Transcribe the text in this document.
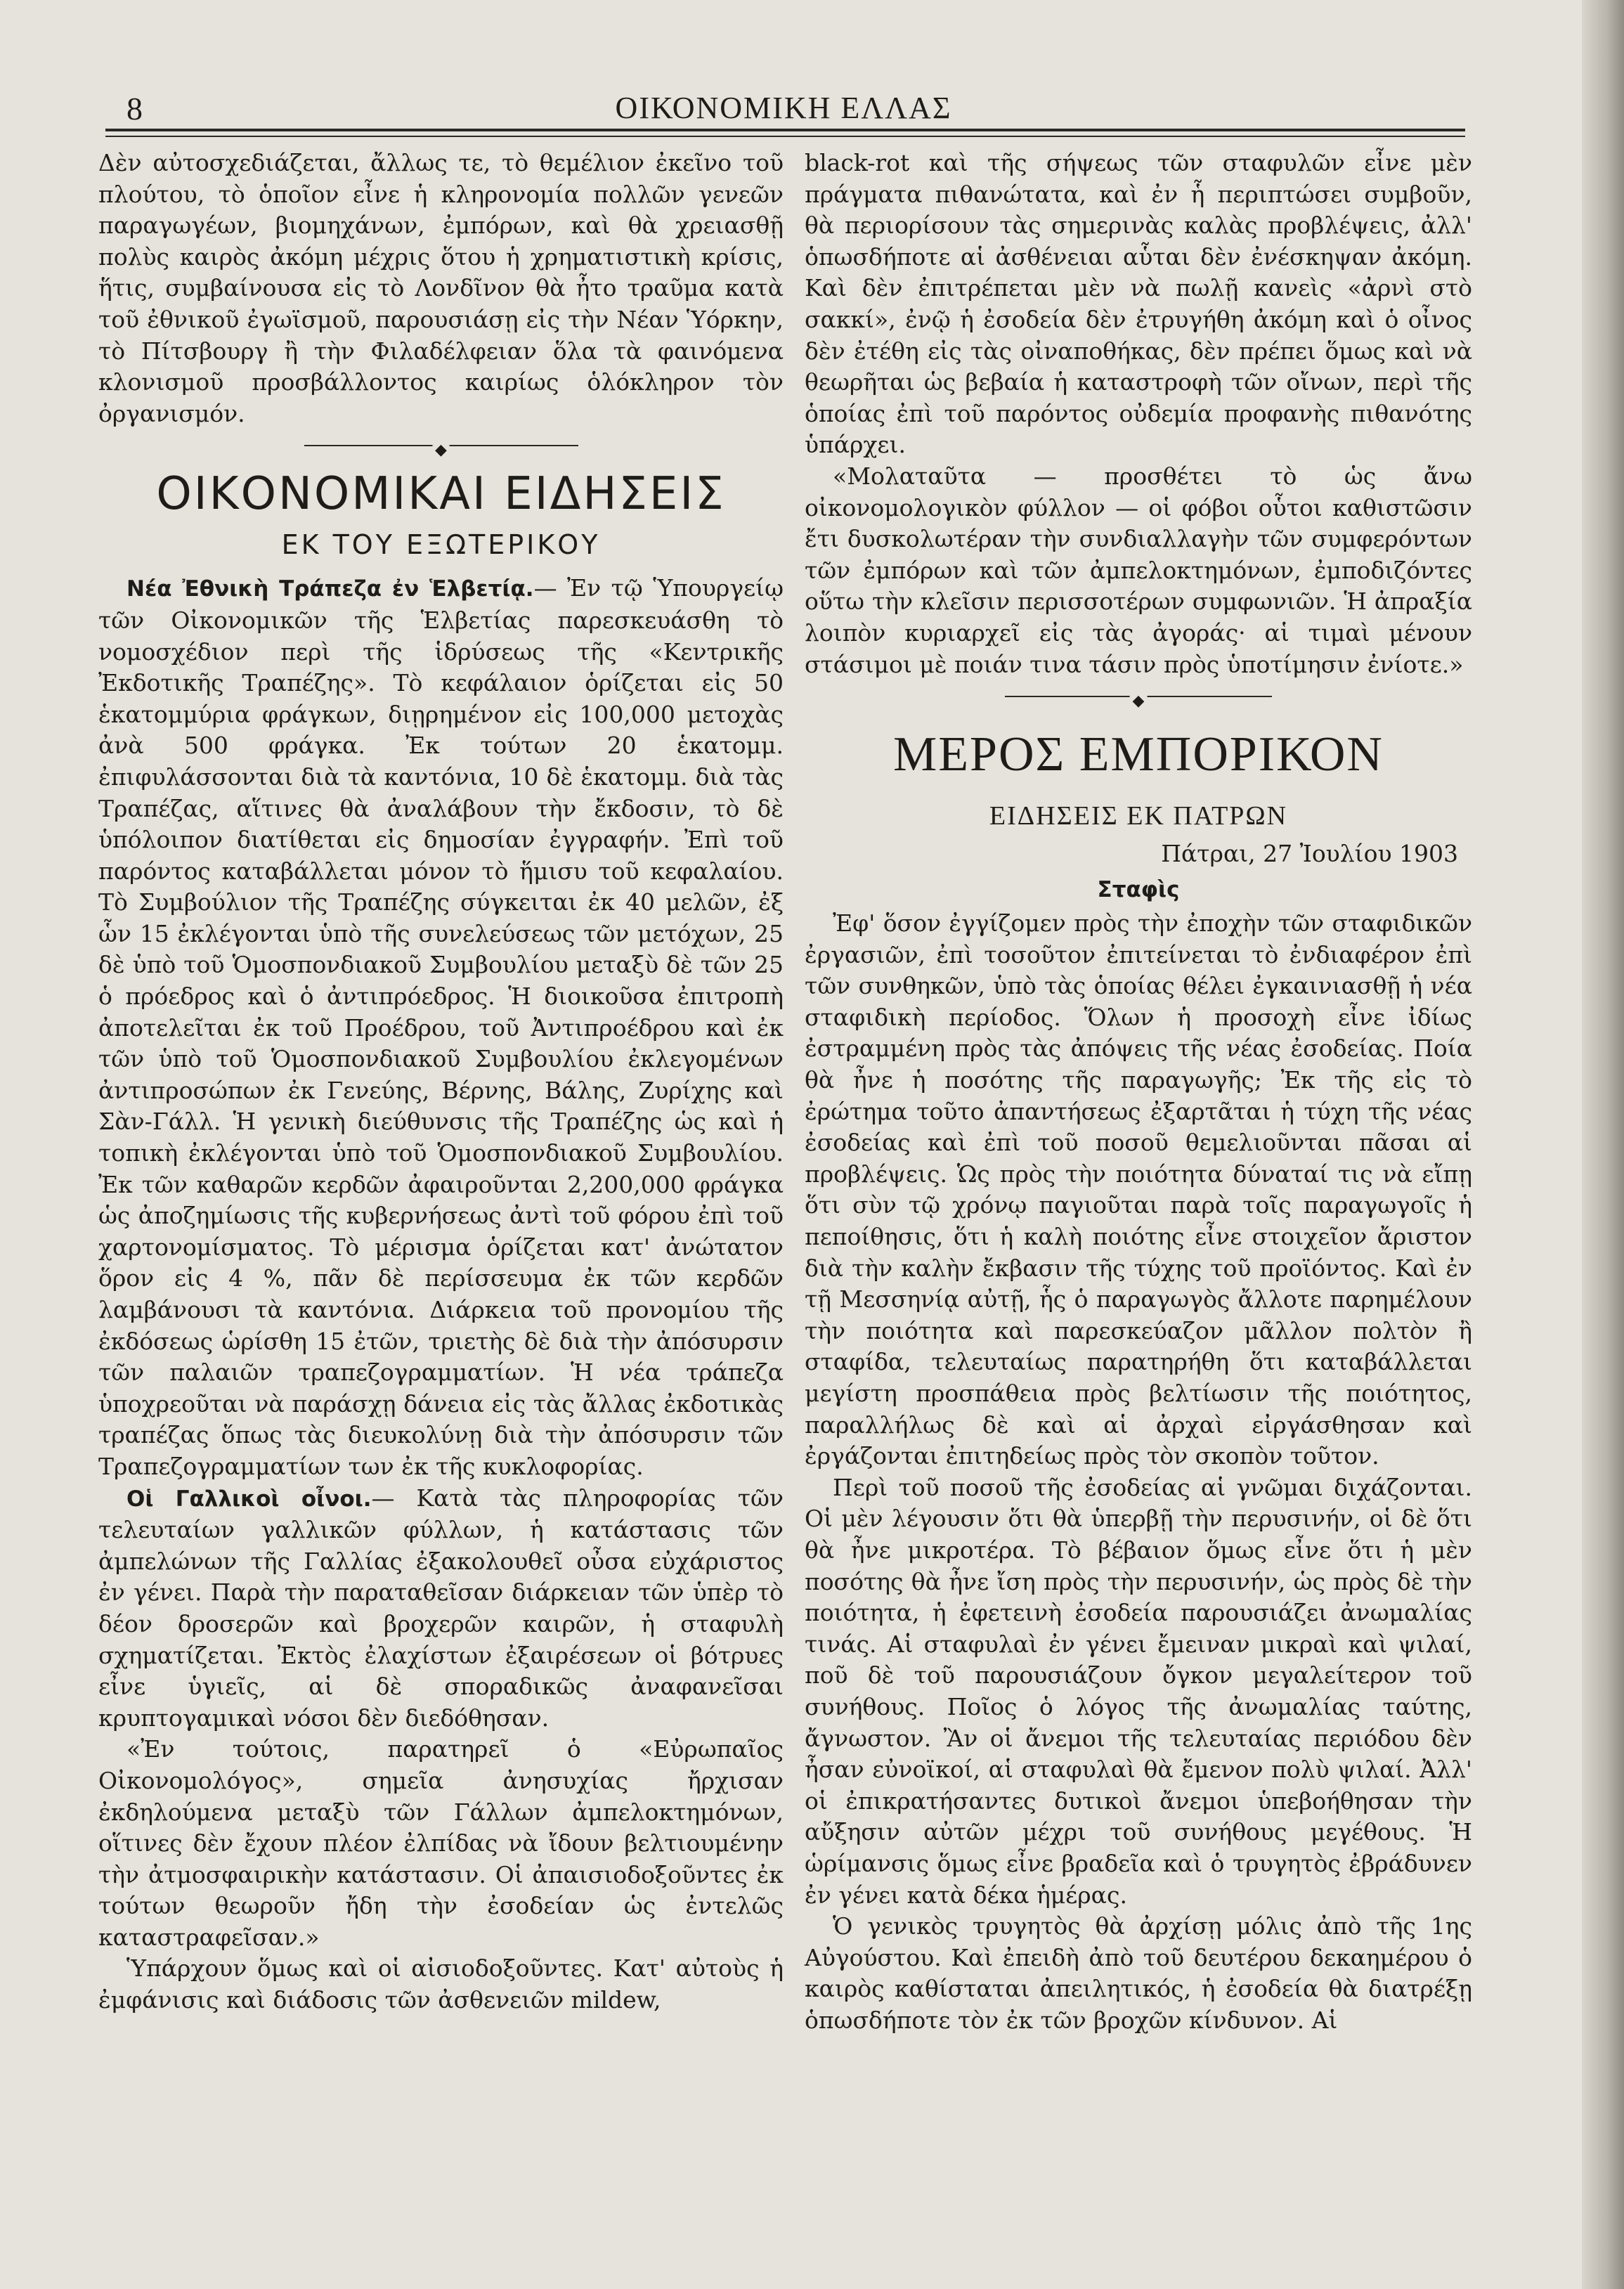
8	ΟΙΚΟΝΟΜΙΚΗ ΕΛΛΑΣ

Δὲν αὐτοσχεδιάζεται, ἄλλως τε, τὸ θεμέλιον ἐκεῖνο τοῦ πλούτου, τὸ ὁποῖον εἶνε ἡ κληρονομία πολλῶν γενεῶν παραγωγέων, βιομηχάνων, ἐμπόρων, καὶ θὰ χρειασθῇ πολὺς καιρὸς ἀκόμη μέχρις ὅτου ἡ χρηματιστικὴ κρίσις, ἥτις, συμβαίνουσα εἰς τὸ Λονδῖνον θὰ ἦτο τραῦμα κατὰ τοῦ ἐθνικοῦ ἐγωϊσμοῦ, παρουσιάσῃ εἰς τὴν Νέαν Ὑόρκην, τὸ Πίτσβουργ ἢ τὴν Φιλαδέλφειαν ὅλα τὰ φαινόμενα κλονισμοῦ προσβάλλοντος καιρίως ὁλόκληρον τὸν ὀργανισμόν.

◆
ΟΙΚΟΝΟΜΙΚΑΙ ΕΙΔΗΣΕΙΣ
ΕΚ ΤΟΥ ΕΞΩΤΕΡΙΚΟΥ

Νέα Ἐθνικὴ Τράπεζα ἐν Ἑλβετίᾳ.— Ἐν τῷ Ὑπουργείῳ τῶν Οἰκονομικῶν τῆς Ἑλβετίας παρεσκευάσθη τὸ νομοσχέδιον περὶ τῆς ἱδρύσεως τῆς «Κεντρικῆς Ἐκδοτικῆς Τραπέζης». Τὸ κεφάλαιον ὁρίζεται εἰς 50 ἑκατομμύρια φράγκων, διῃρημένον εἰς 100,000 μετοχὰς ἀνὰ 500 φράγκα. Ἐκ τούτων 20 ἑκατομμ. ἐπιφυλάσσονται διὰ τὰ καντόνια, 10 δὲ ἑκατομμ. διὰ τὰς Τραπέζας, αἵτινες θὰ ἀναλάβουν τὴν ἔκδοσιν, τὸ δὲ ὑπόλοιπον διατίθεται εἰς δημοσίαν ἐγγραφήν. Ἐπὶ τοῦ παρόντος καταβάλλεται μόνον τὸ ἥμισυ τοῦ κεφαλαίου. Τὸ Συμβούλιον τῆς Τραπέζης σύγκειται ἐκ 40 μελῶν, ἐξ ὧν 15 ἐκλέγονται ὑπὸ τῆς συνελεύσεως τῶν μετόχων, 25 δὲ ὑπὸ τοῦ Ὁμοσπονδιακοῦ Συμβουλίου μεταξὺ δὲ τῶν 25 ὁ πρόεδρος καὶ ὁ ἀντιπρόεδρος. Ἡ διοικοῦσα ἐπιτροπὴ ἀποτελεῖται ἐκ τοῦ Προέδρου, τοῦ Ἀντιπροέδρου καὶ ἐκ τῶν ὑπὸ τοῦ Ὁμοσπονδιακοῦ Συμβουλίου ἐκλεγομένων ἀντιπροσώπων ἐκ Γενεύης, Βέρνης, Βάλης, Ζυρίχης καὶ Σὰν-Γάλλ. Ἡ γενικὴ διεύθυνσις τῆς Τραπέζης ὡς καὶ ἡ τοπικὴ ἐκλέγονται ὑπὸ τοῦ Ὁμοσπονδιακοῦ Συμβουλίου. Ἐκ τῶν καθαρῶν κερδῶν ἀφαιροῦνται 2,200,000 φράγκα ὡς ἀποζημίωσις τῆς κυβερνήσεως ἀντὶ τοῦ φόρου ἐπὶ τοῦ χαρτονομίσματος. Τὸ μέρισμα ὁρίζεται κατ' ἀνώτατον ὅρον εἰς 4 %, πᾶν δὲ περίσσευμα ἐκ τῶν κερδῶν λαμβάνουσι τὰ καντόνια. Διάρκεια τοῦ προνομίου τῆς ἐκδόσεως ὡρίσθη 15 ἐτῶν, τριετὴς δὲ διὰ τὴν ἀπόσυρσιν τῶν παλαιῶν τραπεζογραμματίων. Ἡ νέα τράπεζα ὑποχρεοῦται νὰ παράσχῃ δάνεια εἰς τὰς ἄλλας ἐκδοτικὰς τραπέζας ὅπως τὰς διευκολύνῃ διὰ τὴν ἀπόσυρσιν τῶν Τραπεζογραμματίων των ἐκ τῆς κυκλοφορίας.

Οἱ Γαλλικοὶ οἶνοι.— Κατὰ τὰς πληροφορίας τῶν τελευταίων γαλλικῶν φύλλων, ἡ κατάστασις τῶν ἀμπελώνων τῆς Γαλλίας ἐξακολουθεῖ οὖσα εὐχάριστος ἐν γένει. Παρὰ τὴν παραταθεῖσαν διάρκειαν τῶν ὑπὲρ τὸ δέον δροσερῶν καὶ βροχερῶν καιρῶν, ἡ σταφυλὴ σχηματίζεται. Ἐκτὸς ἐλαχίστων ἐξαιρέσεων οἱ βότρυες εἶνε ὑγιεῖς, αἱ δὲ σποραδικῶς ἀναφανεῖσαι κρυπτογαμικαὶ νόσοι δὲν διεδόθησαν.

«Ἐν τούτοις, παρατηρεῖ ὁ «Εὐρωπαῖος Οἰκονομολόγος», σημεῖα ἀνησυχίας ἤρχισαν ἐκδηλούμενα μεταξὺ τῶν Γάλλων ἀμπελοκτημόνων, οἵτινες δὲν ἔχουν πλέον ἐλπίδας νὰ ἴδουν βελτιουμένην τὴν ἀτμοσφαιρικὴν κατάστασιν. Οἱ ἀπαισιοδοξοῦντες ἐκ τούτων θεωροῦν ἤδη τὴν ἐσοδείαν ὡς ἐντελῶς καταστραφεῖσαν.»

Ὑπάρχουν ὅμως καὶ οἱ αἰσιοδοξοῦντες. Κατ' αὐτοὺς ἡ ἐμφάνισις καὶ διάδοσις τῶν ἀσθενειῶν mildew,

black-rot καὶ τῆς σήψεως τῶν σταφυλῶν εἶνε μὲν πράγματα πιθανώτατα, καὶ ἐν ἧ περιπτώσει συμβοῦν, θὰ περιορίσουν τὰς σημερινὰς καλὰς προβλέψεις, ἀλλ' ὁπωσδήποτε αἱ ἀσθένειαι αὗται δὲν ἐνέσκηψαν ἀκόμη. Καὶ δὲν ἐπιτρέπεται μὲν νὰ πωλῇ κανεὶς «ἀρνὶ στὸ σακκί», ἐνῷ ἡ ἐσοδεία δὲν ἐτρυγήθη ἀκόμη καὶ ὁ οἶνος δὲν ἐτέθη εἰς τὰς οἰναποθήκας, δὲν πρέπει ὅμως καὶ νὰ θεωρῆται ὡς βεβαία ἡ καταστροφὴ τῶν οἴνων, περὶ τῆς ὁποίας ἐπὶ τοῦ παρόντος οὐδεμία προφανὴς πιθανότης ὑπάρχει.

«Μολαταῦτα — προσθέτει τὸ ὡς ἄνω οἰκονομολογικὸν φύλλον — οἱ φόβοι οὗτοι καθιστῶσιν ἔτι δυσκολωτέραν τὴν συνδιαλλαγὴν τῶν συμφερόντων τῶν ἐμπόρων καὶ τῶν ἀμπελοκτημόνων, ἐμποδιζόντες οὕτω τὴν κλεῖσιν περισσοτέρων συμφωνιῶν. Ἡ ἀπραξία λοιπὸν κυριαρχεῖ εἰς τὰς ἀγοράς· αἱ τιμαὶ μένουν στάσιμοι μὲ ποιάν τινα τάσιν πρὸς ὑποτίμησιν ἐνίοτε.»

◆
ΜΕΡΟΣ ΕΜΠΟΡΙΚΟΝ
ΕΙΔΗΣΕΙΣ ΕΚ ΠΑΤΡΩΝ
Πάτραι, 27 Ἰουλίου 1903
Σταφὶς

Ἐφ' ὅσον ἐγγίζομεν πρὸς τὴν ἐποχὴν τῶν σταφιδικῶν ἐργασιῶν, ἐπὶ τοσοῦτον ἐπιτείνεται τὸ ἐνδιαφέρον ἐπὶ τῶν συνθηκῶν, ὑπὸ τὰς ὁποίας θέλει ἐγκαινιασθῇ ἡ νέα σταφιδικὴ περίοδος. Ὅλων ἡ προσοχὴ εἶνε ἰδίως ἐστραμμένη πρὸς τὰς ἀπόψεις τῆς νέας ἐσοδείας. Ποία θὰ ἦνε ἡ ποσότης τῆς παραγωγῆς; Ἐκ τῆς εἰς τὸ ἐρώτημα τοῦτο ἀπαντήσεως ἐξαρτᾶται ἡ τύχη τῆς νέας ἐσοδείας καὶ ἐπὶ τοῦ ποσοῦ θεμελιοῦνται πᾶσαι αἱ προβλέψεις. Ὡς πρὸς τὴν ποιότητα δύναταί τις νὰ εἴπῃ ὅτι σὺν τῷ χρόνῳ παγιοῦται παρὰ τοῖς παραγωγοῖς ἡ πεποίθησις, ὅτι ἡ καλὴ ποιότης εἶνε στοιχεῖον ἄριστον διὰ τὴν καλὴν ἔκβασιν τῆς τύχης τοῦ προϊόντος. Καὶ ἐν τῇ Μεσσηνίᾳ αὐτῇ, ἧς ὁ παραγωγὸς ἄλλοτε παρημέλουν τὴν ποιότητα καὶ παρεσκεύαζον μᾶλλον πολτὸν ἢ σταφίδα, τελευταίως παρατηρήθη ὅτι καταβάλλεται μεγίστη προσπάθεια πρὸς βελτίωσιν τῆς ποιότητος, παραλλήλως δὲ καὶ αἱ ἀρχαὶ εἰργάσθησαν καὶ ἐργάζονται ἐπιτηδείως πρὸς τὸν σκοπὸν τοῦτον.

Περὶ τοῦ ποσοῦ τῆς ἐσοδείας αἱ γνῶμαι διχάζονται. Οἱ μὲν λέγουσιν ὅτι θὰ ὑπερβῇ τὴν περυσινήν, οἱ δὲ ὅτι θὰ ἦνε μικροτέρα. Τὸ βέβαιον ὅμως εἶνε ὅτι ἡ μὲν ποσότης θὰ ἦνε ἴση πρὸς τὴν περυσινήν, ὡς πρὸς δὲ τὴν ποιότητα, ἡ ἐφετεινὴ ἐσοδεία παρουσιάζει ἀνωμαλίας τινάς. Αἱ σταφυλαὶ ἐν γένει ἔμειναν μικραὶ καὶ ψιλαί, ποῦ δὲ τοῦ παρουσιάζουν ὄγκον μεγαλείτερον τοῦ συνήθους. Ποῖος ὁ λόγος τῆς ἀνωμαλίας ταύτης, ἄγνωστον. Ἂν οἱ ἄνεμοι τῆς τελευταίας περιόδου δὲν ἦσαν εὐνοϊκοί, αἱ σταφυλαὶ θὰ ἔμενον πολὺ ψιλαί. Ἀλλ' οἱ ἐπικρατήσαντες δυτικοὶ ἄνεμοι ὑπεβοήθησαν τὴν αὔξησιν αὐτῶν μέχρι τοῦ συνήθους μεγέθους. Ἡ ὡρίμανσις ὅμως εἶνε βραδεῖα καὶ ὁ τρυγητὸς ἐβράδυνεν ἐν γένει κατὰ δέκα ἡμέρας.

Ὁ γενικὸς τρυγητὸς θὰ ἀρχίσῃ μόλις ἀπὸ τῆς 1ης Αὐγούστου. Καὶ ἐπειδὴ ἀπὸ τοῦ δευτέρου δεκαημέρου ὁ καιρὸς καθίσταται ἀπειλητικός, ἡ ἐσοδεία θὰ διατρέξῃ ὁπωσδήποτε τὸν ἐκ τῶν βροχῶν κίνδυνον. Αἱ
